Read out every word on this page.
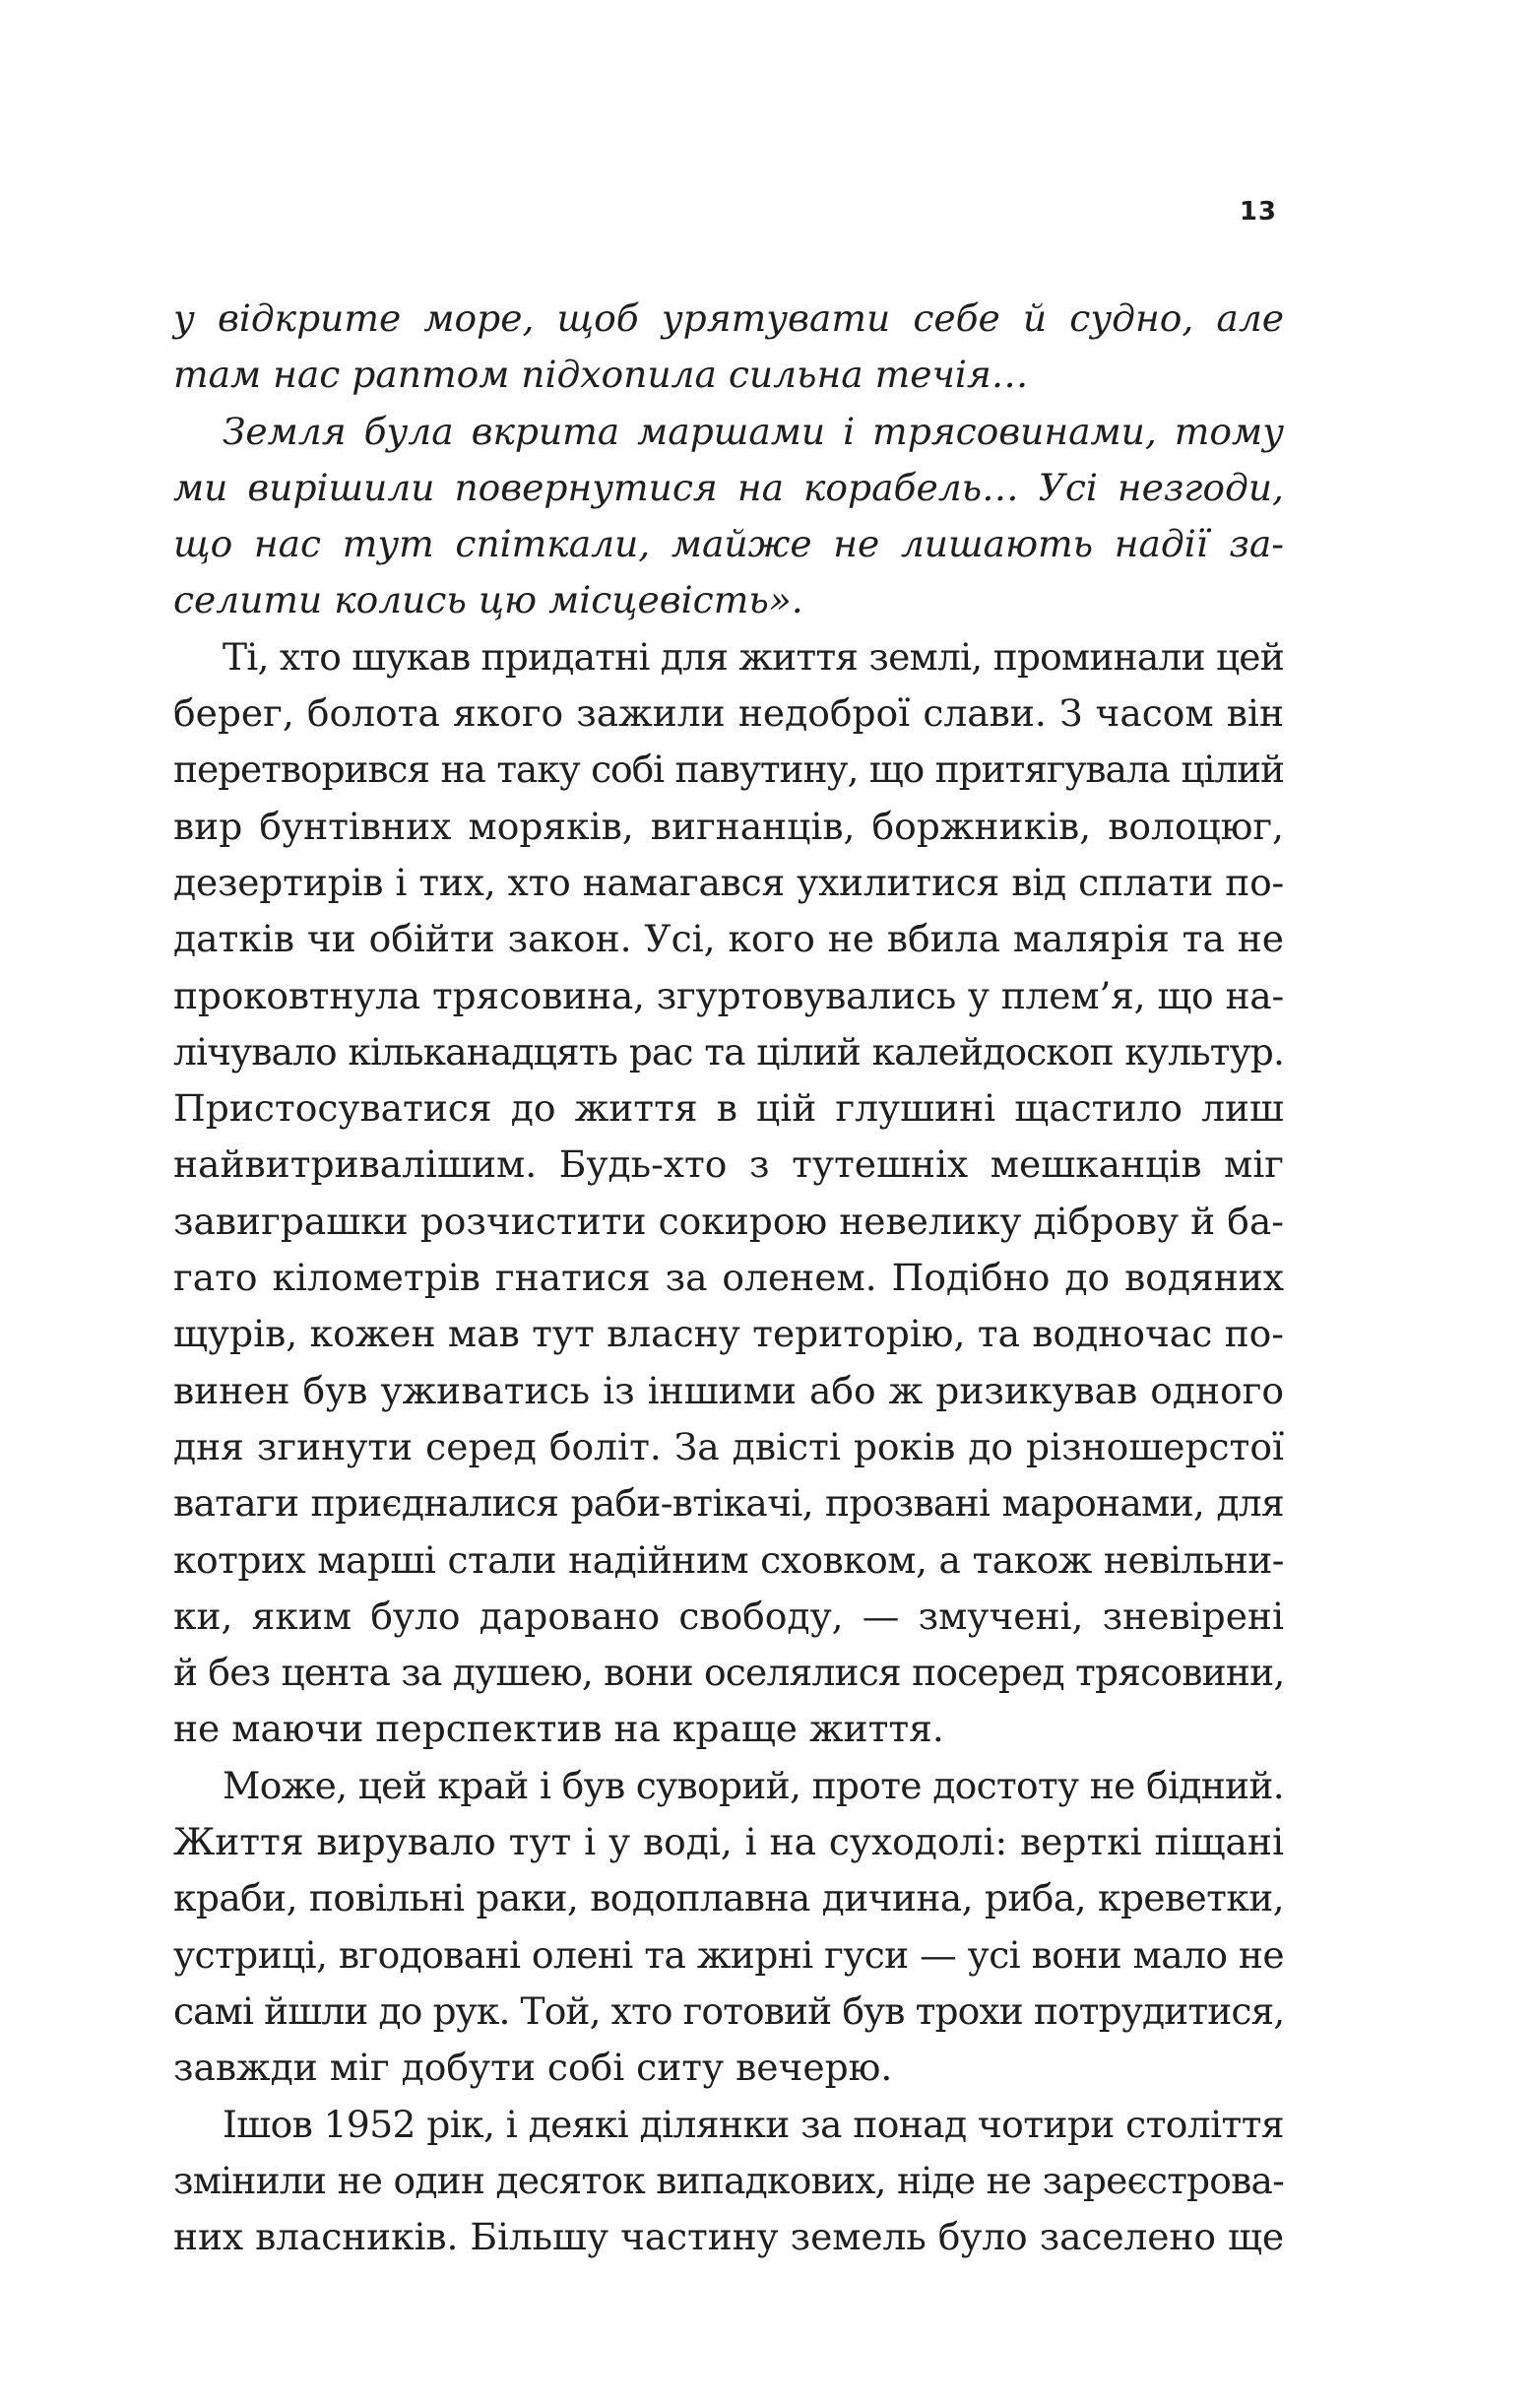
13
у відкрите море, щоб урятувати себе й судно, але
там нас раптом підхопила сильна течія…
Земля була вкрита маршами і трясовинами, тому
ми вирішили повернутися на корабель… Усі незгоди,
що нас тут спіткали, майже не лишають надії за-
селити колись цю місцевість».
Ті, хто шукав придатні для життя землі, проминали цей
берег, болота якого зажили недоброї слави. З часом він
перетворився на таку собі павутину, що притягувала цілий
вир бунтівних моряків, вигнанців, боржників, волоцюг,
дезертирів і тих, хто намагався ухилитися від сплати по-
датків чи обійти закон. Усі, кого не вбила малярія та не
проковтнула трясовина, згуртовувались у плем’я, що на-
лічувало кільканадцять рас та цілий калейдоскоп культур.
Пристосуватися до життя в цій глушині щастило лиш
найвитривалішим. Будь-хто з тутешніх мешканців міг
завиграшки розчистити сокирою невелику діброву й ба-
гато кілометрів гнатися за оленем. Подібно до водяних
щурів, кожен мав тут власну територію, та водночас по-
винен був уживатись із іншими або ж ризикував одного
дня згинути серед боліт. За двісті років до різношерстої
ватаги приєдналися раби-втікачі, прозвані маронами, для
котрих марші стали надійним сховком, а також невільни-
ки, яким було даровано свободу, — змучені, зневірені
й без цента за душею, вони оселялися посеред трясовини,
не маючи перспектив на краще життя.
Може, цей край і був суворий, проте достоту не бідний.
Життя вирувало тут і у воді, і на суходолі: верткі піщані
краби, повільні раки, водоплавна дичина, риба, креветки,
устриці, вгодовані олені та жирні гуси — усі вони мало не
самі йшли до рук. Той, хто готовий був трохи потрудитися,
завжди міг добути собі ситу вечерю.
Ішов 1952 рік, і деякі ділянки за понад чотири століття
змінили не один десяток випадкових, ніде не зареєстрова-
них власників. Більшу частину земель було заселено ще
